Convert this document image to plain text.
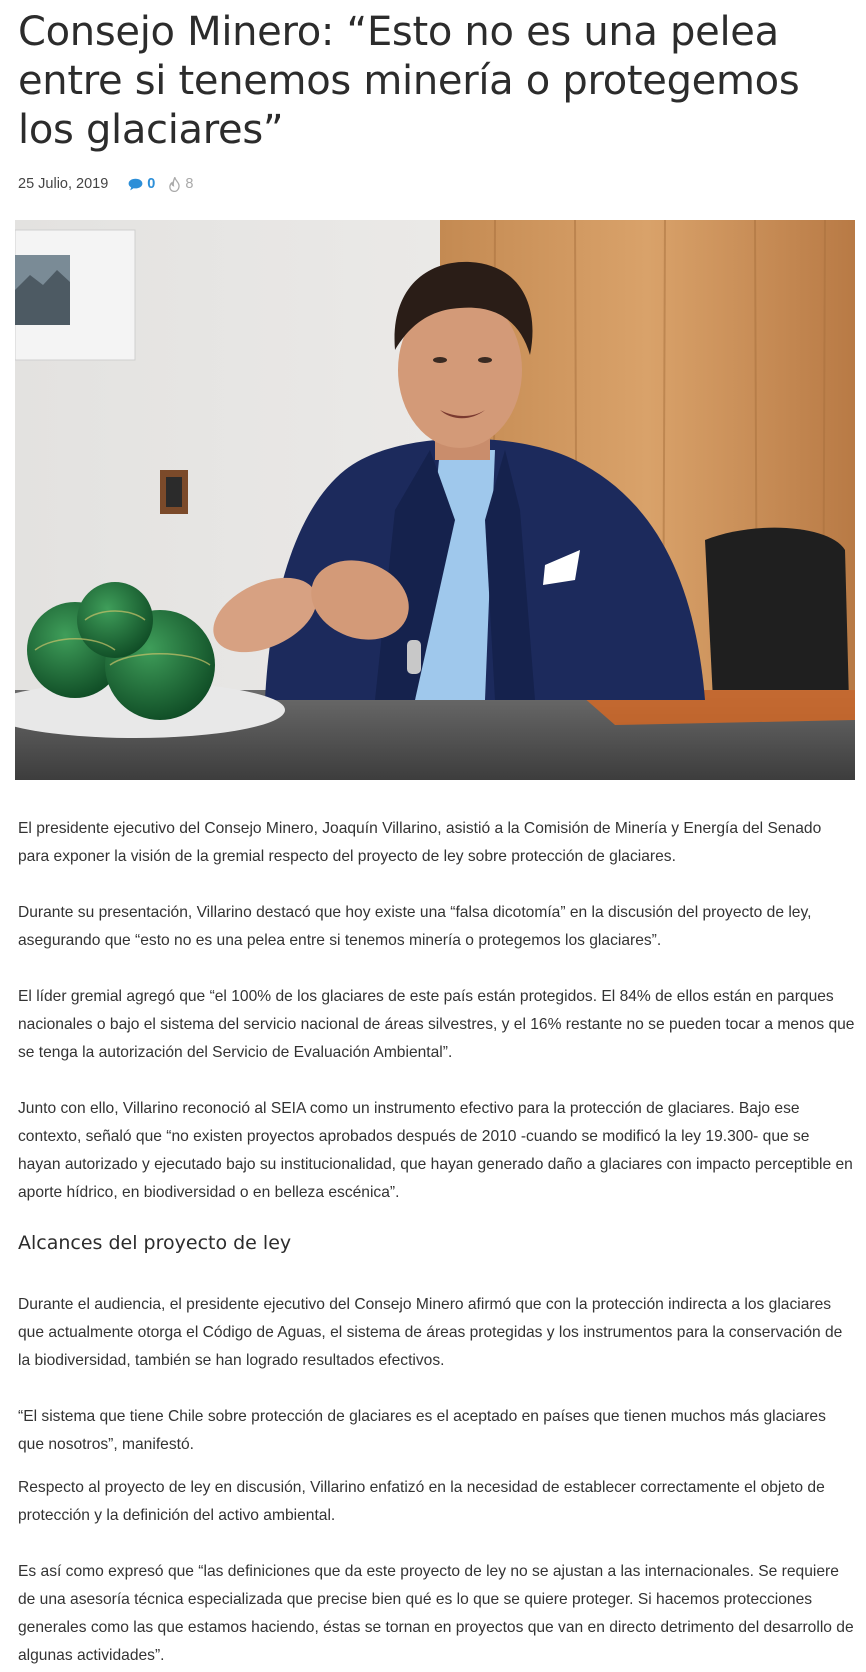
Consejo Minero: “Esto no es una pelea entre si tenemos minería o protegemos los glaciares”
25 Julio, 2019	0 8

El presidente ejecutivo del Consejo Minero, Joaquín Villarino, asistió a la Comisión de Minería y Energía del Senado para exponer la visión de la gremial respecto del proyecto de ley sobre protección de glaciares.

Durante su presentación, Villarino destacó que hoy existe una “falsa dicotomía” en la discusión del proyecto de ley, asegurando que “esto no es una pelea entre si tenemos minería o protegemos los glaciares”.

El líder gremial agregó que “el 100% de los glaciares de este país están protegidos. El 84% de ellos están en parques nacionales o bajo el sistema del servicio nacional de áreas silvestres, y el 16% restante no se pueden tocar a menos que se tenga la autorización del Servicio de Evaluación Ambiental”.

Junto con ello, Villarino reconoció al SEIA como un instrumento efectivo para la protección de glaciares. Bajo ese contexto, señaló que “no existen proyectos aprobados después de 2010 -cuando se modificó la ley 19.300- que se hayan autorizado y ejecutado bajo su institucionalidad, que hayan generado daño a glaciares con impacto perceptible en aporte hídrico, en biodiversidad o en belleza escénica”.

Alcances del proyecto de ley

Durante el audiencia, el presidente ejecutivo del Consejo Minero afirmó que con la protección indirecta a los glaciares que actualmente otorga el Código de Aguas, el sistema de áreas protegidas y los instrumentos para la conservación de la biodiversidad, también se han logrado resultados efectivos.

“El sistema que tiene Chile sobre protección de glaciares es el aceptado en países que tienen muchos más glaciares que nosotros”, manifestó.

Respecto al proyecto de ley en discusión, Villarino enfatizó en la necesidad de establecer correctamente el objeto de protección y la definición del activo ambiental.

Es así como expresó que “las definiciones que da este proyecto de ley no se ajustan a las internacionales. Se requiere de una asesoría técnica especializada que precise bien qué es lo que se quiere proteger. Si hacemos protecciones generales como las que estamos haciendo, éstas se tornan en proyectos que van en directo detrimento del desarrollo de algunas actividades”.
